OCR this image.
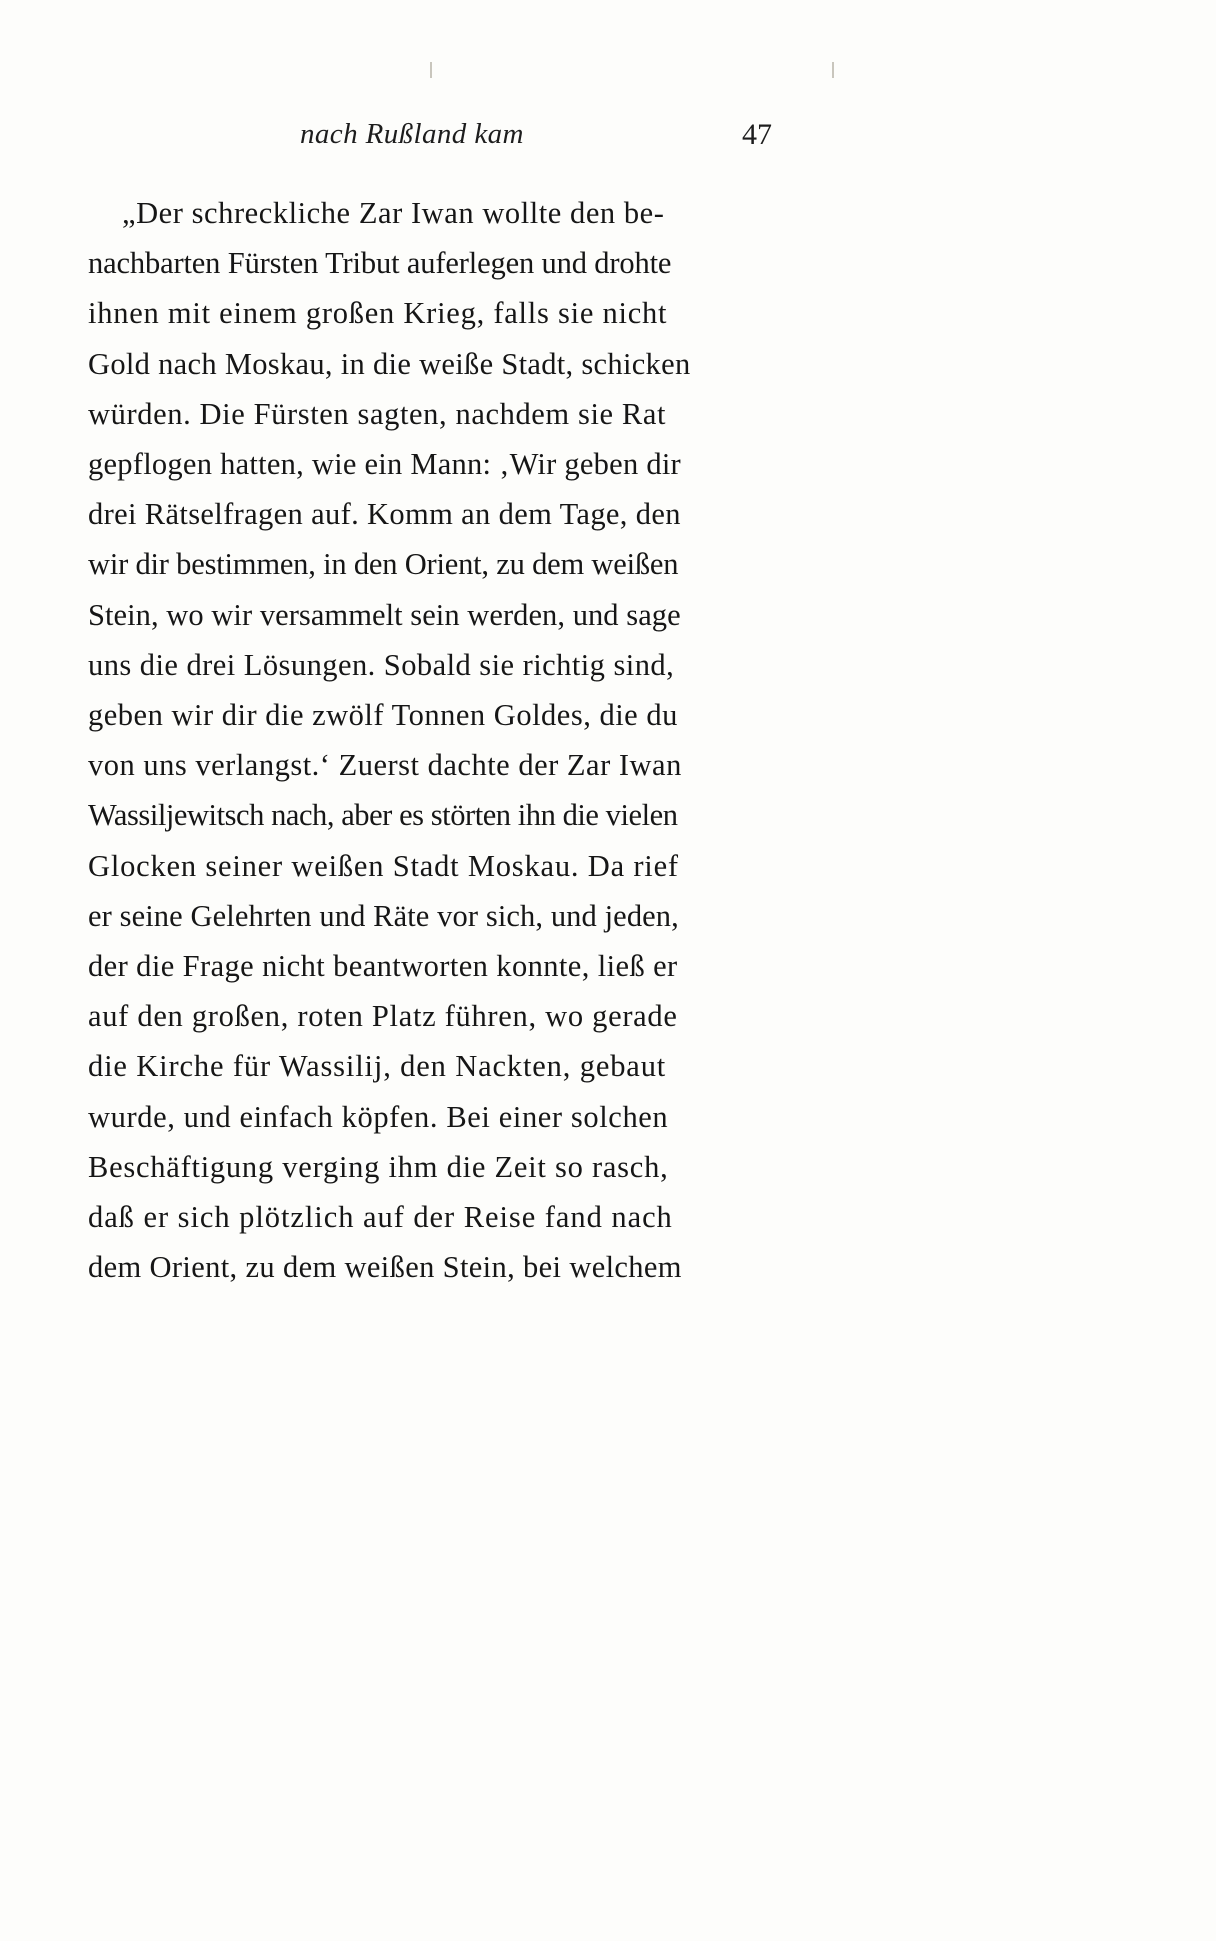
nach Rußland kam	47
„Der schreckliche Zar Iwan wollte den be-
nachbarten Fürsten Tribut auferlegen und drohte
ihnen mit einem großen Krieg, falls sie nicht
Gold nach Moskau, in die weiße Stadt, schicken
würden. Die Fürsten sagten, nachdem sie Rat
gepflogen hatten, wie ein Mann: ‚Wir geben dir
drei Rätselfragen auf. Komm an dem Tage, den
wir dir bestimmen, in den Orient, zu dem weißen
Stein, wo wir versammelt sein werden, und sage
uns die drei Lösungen. Sobald sie richtig sind,
geben wir dir die zwölf Tonnen Goldes, die du
von uns verlangst.‘ Zuerst dachte der Zar Iwan
Wassiljewitsch nach, aber es störten ihn die vielen
Glocken seiner weißen Stadt Moskau. Da rief
er seine Gelehrten und Räte vor sich, und jeden,
der die Frage nicht beantworten konnte, ließ er
auf den großen, roten Platz führen, wo gerade
die Kirche für Wassilij, den Nackten, gebaut
wurde, und einfach köpfen. Bei einer solchen
Beschäftigung verging ihm die Zeit so rasch,
daß er sich plötzlich auf der Reise fand nach
dem Orient, zu dem weißen Stein, bei welchem
